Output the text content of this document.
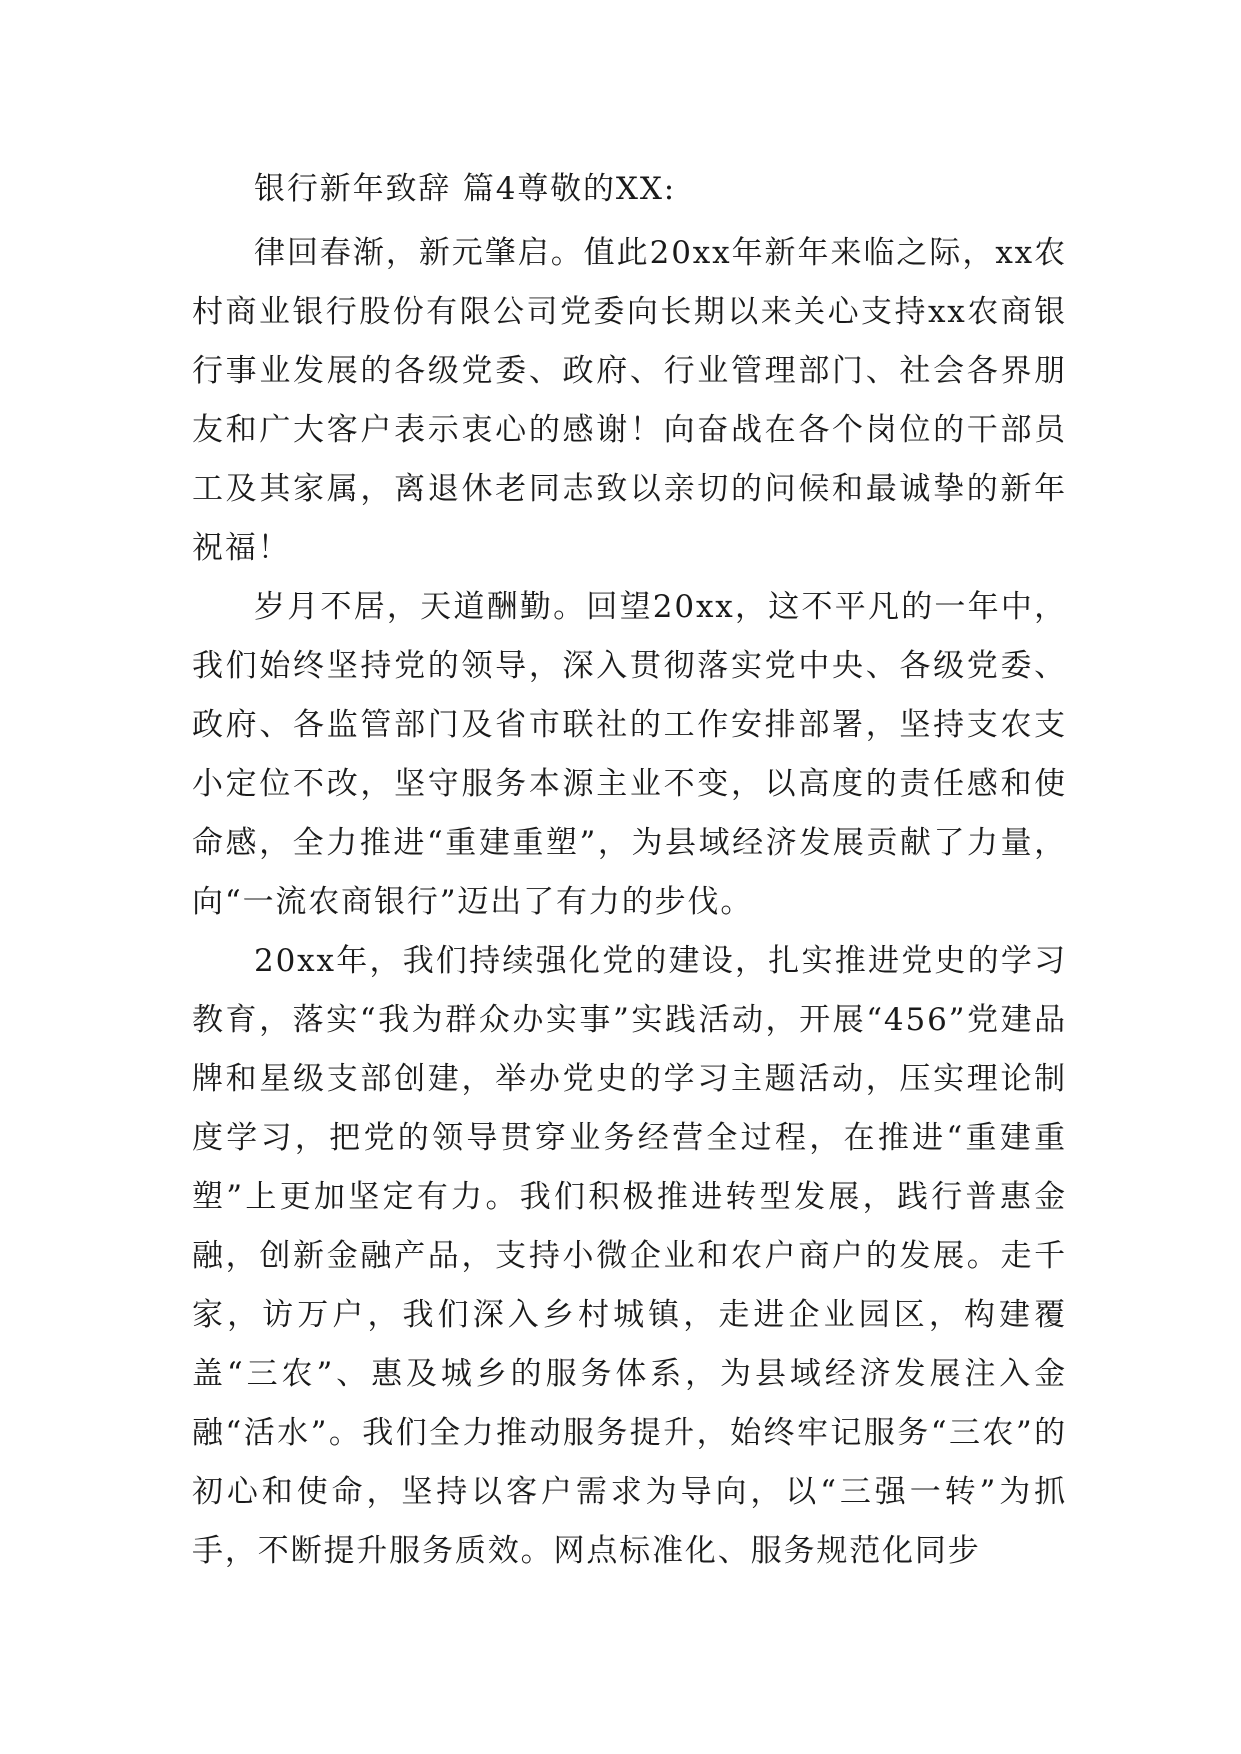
银行新年致辞 篇4尊敬的XX:

律回春渐，新元肇启。值此20xx年新年来临之际，xx农村商业银行股份有限公司党委向长期以来关心支持xx农商银行事业发展的各级党委、政府、行业管理部门、社会各界朋友和广大客户表示衷心的感谢！向奋战在各个岗位的干部员工及其家属，离退休老同志致以亲切的问候和最诚挚的新年祝福！

岁月不居，天道酬勤。回望20xx，这不平凡的一年中，我们始终坚持党的领导，深入贯彻落实党中央、各级党委、政府、各监管部门及省市联社的工作安排部署，坚持支农支小定位不改，坚守服务本源主业不变，以高度的责任感和使命感，全力推进“重建重塑”，为县域经济发展贡献了力量，向“一流农商银行”迈出了有力的步伐。

20xx年，我们持续强化党的建设，扎实推进党史的学习教育，落实“我为群众办实事”实践活动，开展“456”党建品牌和星级支部创建，举办党史的学习主题活动，压实理论制度学习，把党的领导贯穿业务经营全过程，在推进“重建重塑”上更加坚定有力。我们积极推进转型发展，践行普惠金融，创新金融产品，支持小微企业和农户商户的发展。走千家，访万户，我们深入乡村城镇，走进企业园区，构建覆盖“三农”、惠及城乡的服务体系，为县域经济发展注入金融“活水”。我们全力推动服务提升，始终牢记服务“三农”的初心和使命，坚持以客户需求为导向，以“三强一转”为抓手，不断提升服务质效。网点标准化、服务规范化同步
